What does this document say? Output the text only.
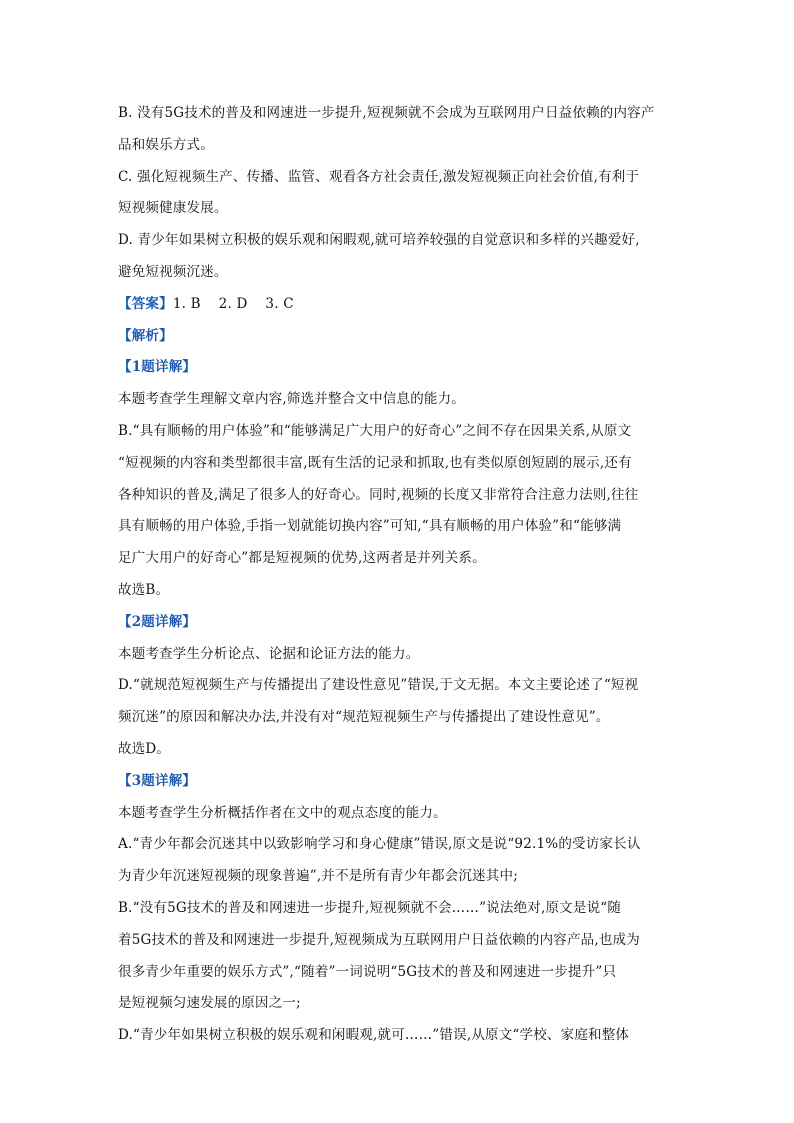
B. 没有5G技术的普及和网速进一步提升,短视频就不会成为互联网用户日益依赖的内容产
品和娱乐方式。
C. 强化短视频生产、传播、监管、观看各方社会责任,激发短视频正向社会价值,有利于
短视频健康发展。
D. 青少年如果树立积极的娱乐观和闲暇观,就可培养较强的自觉意识和多样的兴趣爱好,
避免短视频沉迷。
【答案】1. B    2. D    3. C
【解析】
【1题详解】
本题考查学生理解文章内容,筛选并整合文中信息的能力。
B.“具有顺畅的用户体验”和“能够满足广大用户的好奇心”之间不存在因果关系,从原文
“短视频的内容和类型都很丰富,既有生活的记录和抓取,也有类似原创短剧的展示,还有
各种知识的普及,满足了很多人的好奇心。同时,视频的长度又非常符合注意力法则,往往
具有顺畅的用户体验,手指一划就能切换内容”可知,“具有顺畅的用户体验”和“能够满
足广大用户的好奇心”都是短视频的优势,这两者是并列关系。
故选B。
【2题详解】
本题考查学生分析论点、论据和论证方法的能力。
D.“就规范短视频生产与传播提出了建设性意见”错误,于文无据。本文主要论述了“短视
频沉迷”的原因和解决办法,并没有对“规范短视频生产与传播提出了建设性意见”。
故选D。
【3题详解】
本题考查学生分析概括作者在文中的观点态度的能力。
A.“青少年都会沉迷其中以致影响学习和身心健康”错误,原文是说“92.1%的受访家长认
为青少年沉迷短视频的现象普遍”,并不是所有青少年都会沉迷其中;
B.“没有5G技术的普及和网速进一步提升,短视频就不会……”说法绝对,原文是说“随
着5G技术的普及和网速进一步提升,短视频成为互联网用户日益依赖的内容产品,也成为
很多青少年重要的娱乐方式”,“随着”一词说明“5G技术的普及和网速进一步提升”只
是短视频匀速发展的原因之一;
D.“青少年如果树立积极的娱乐观和闲暇观,就可……”错误,从原文“学校、家庭和整体
